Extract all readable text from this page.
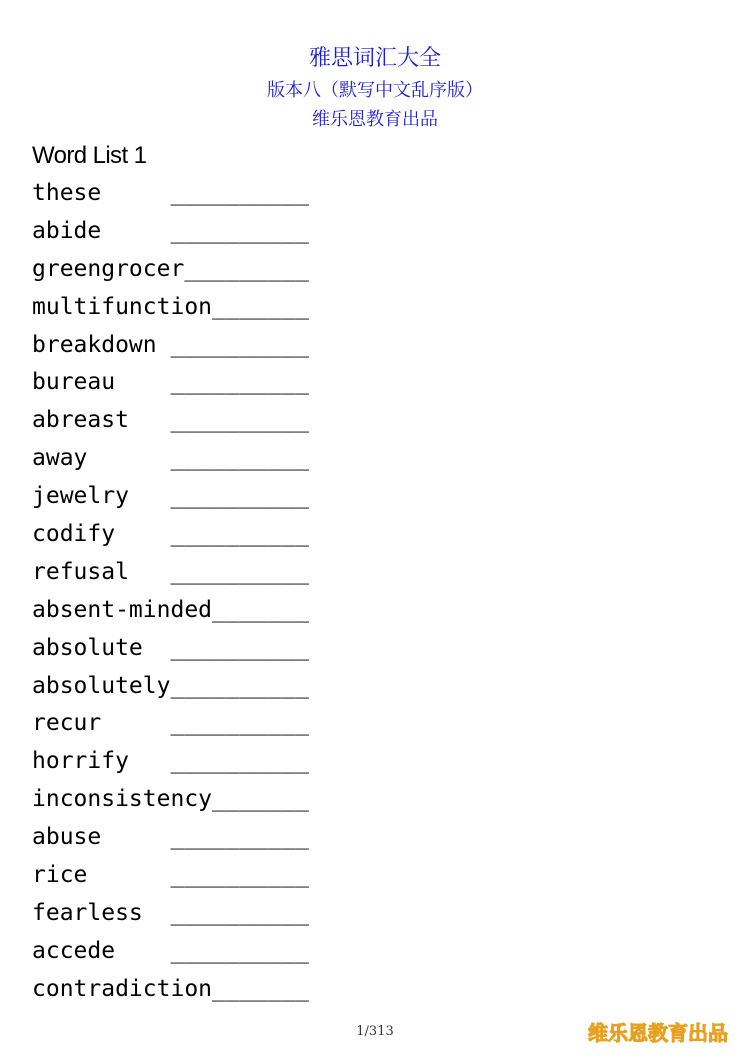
雅思词汇大全
版本八（默写中文乱序版）
维乐恩教育出品
Word List 1
these     __________
abide     __________
greengrocer_________
multifunction_______
breakdown __________
bureau    __________
abreast   __________
away      __________
jewelry   __________
codify    __________
refusal   __________
absent-minded_______
absolute  __________
absolutely__________
recur     __________
horrify   __________
inconsistency_______
abuse     __________
rice      __________
fearless  __________
accede    __________
contradiction_______
1/313	维乐恩教育出品
